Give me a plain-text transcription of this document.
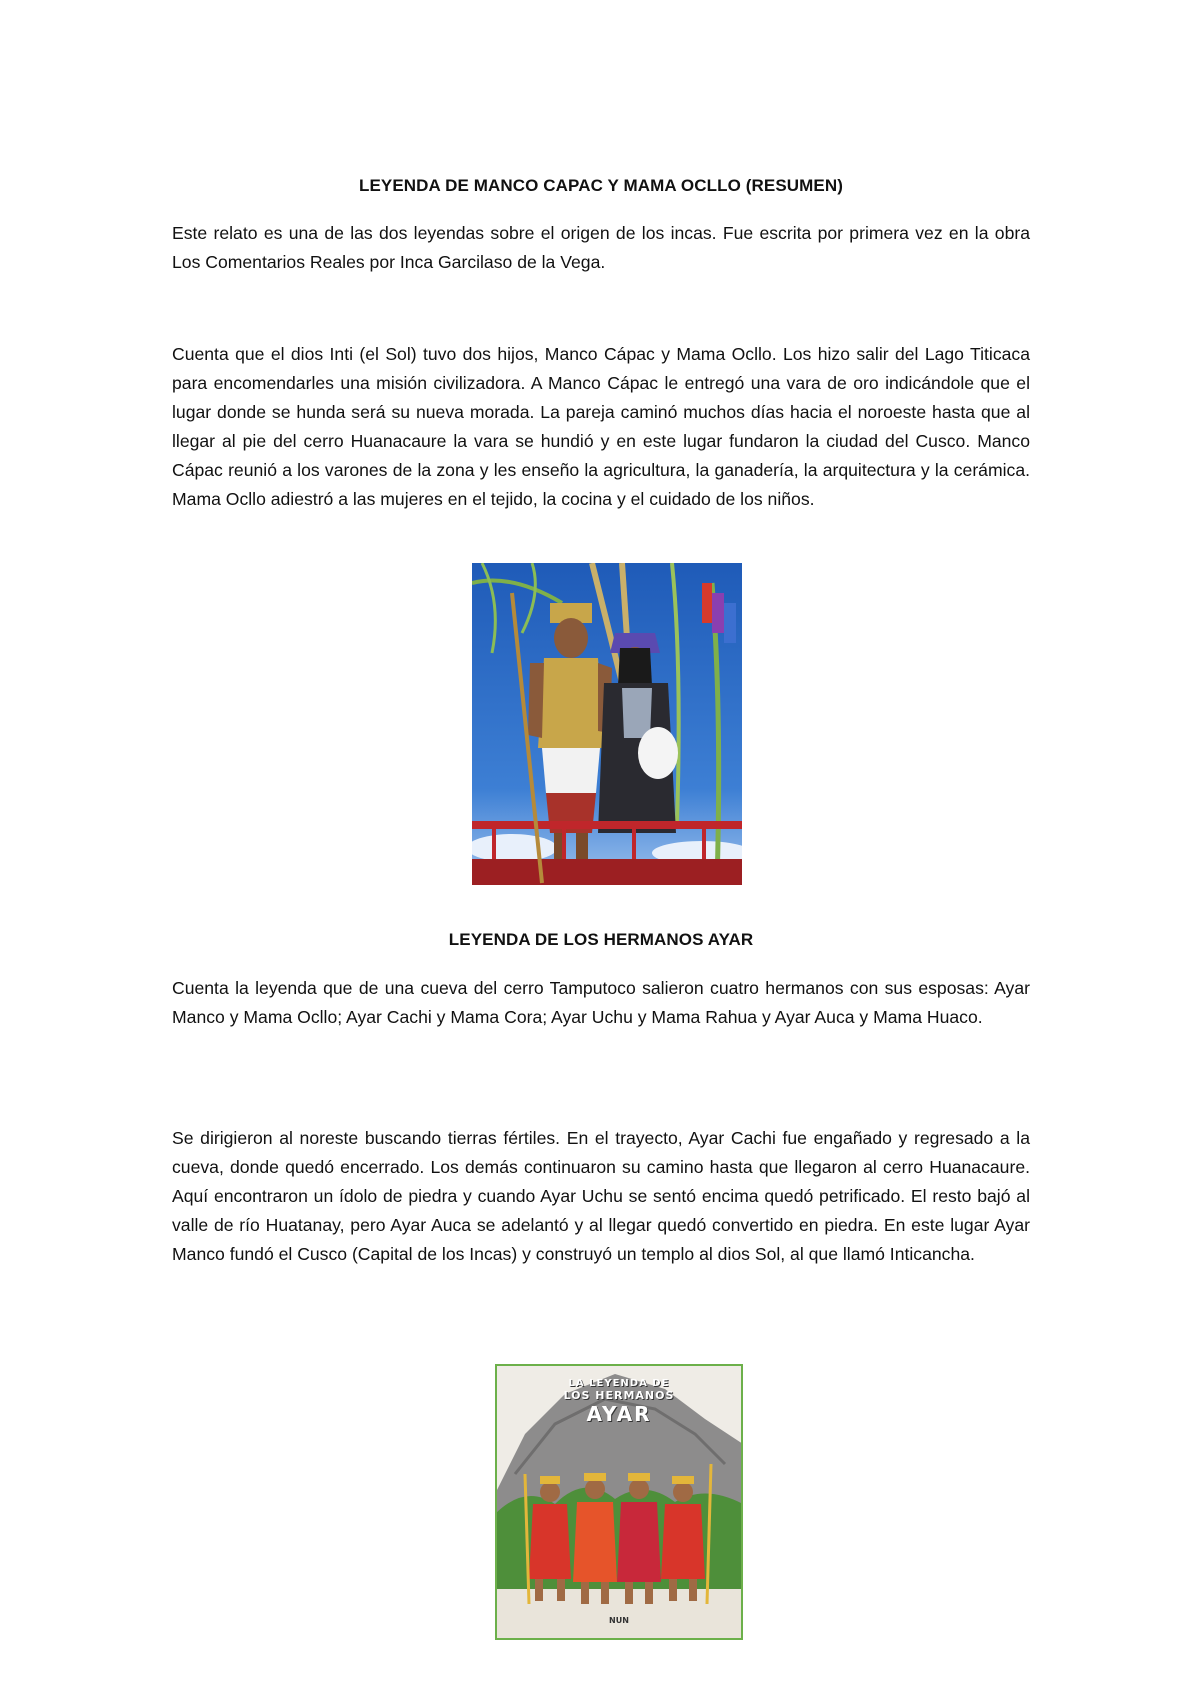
LEYENDA DE MANCO CAPAC Y MAMA OCLLO (RESUMEN)

Este relato es una de las dos leyendas sobre el origen de los incas. Fue escrita por primera vez en la obra Los Comentarios Reales por Inca Garcilaso de la Vega.

Cuenta que el dios Inti (el Sol) tuvo dos hijos, Manco Cápac y Mama Ocllo. Los hizo salir del Lago Titicaca para encomendarles una misión civilizadora. A Manco Cápac le entregó una vara de oro indicándole que el lugar donde se hunda será su nueva morada. La pareja caminó muchos días hacia el noroeste hasta que al llegar al pie del cerro Huanacaure la vara se hundió y en este lugar fundaron la ciudad del Cusco. Manco Cápac reunió a los varones de la zona y les enseño la agricultura, la ganadería, la arquitectura y la cerámica. Mama Ocllo adiestró a las mujeres en el tejido, la cocina y el cuidado de los niños.

LEYENDA DE LOS HERMANOS AYAR

Cuenta la leyenda que de una cueva del cerro Tamputoco salieron cuatro hermanos con sus esposas: Ayar Manco y Mama Ocllo; Ayar Cachi y Mama Cora; Ayar Uchu y Mama Rahua y Ayar Auca y Mama Huaco.

Se dirigieron al noreste buscando tierras fértiles. En el trayecto, Ayar Cachi fue engañado y regresado a la cueva, donde quedó encerrado. Los demás continuaron su camino hasta que llegaron al cerro Huanacaure. Aquí encontraron un ídolo de piedra y cuando Ayar Uchu se sentó encima quedó petrificado. El resto bajó al valle de río Huatanay, pero Ayar Auca se adelantó y al llegar quedó convertido en piedra. En este lugar Ayar Manco fundó el Cusco (Capital de los Incas) y construyó un templo al dios Sol, al que llamó Inticancha.

LA LEYENDA DE
LOS HERMANOS
AYAR
NUN
